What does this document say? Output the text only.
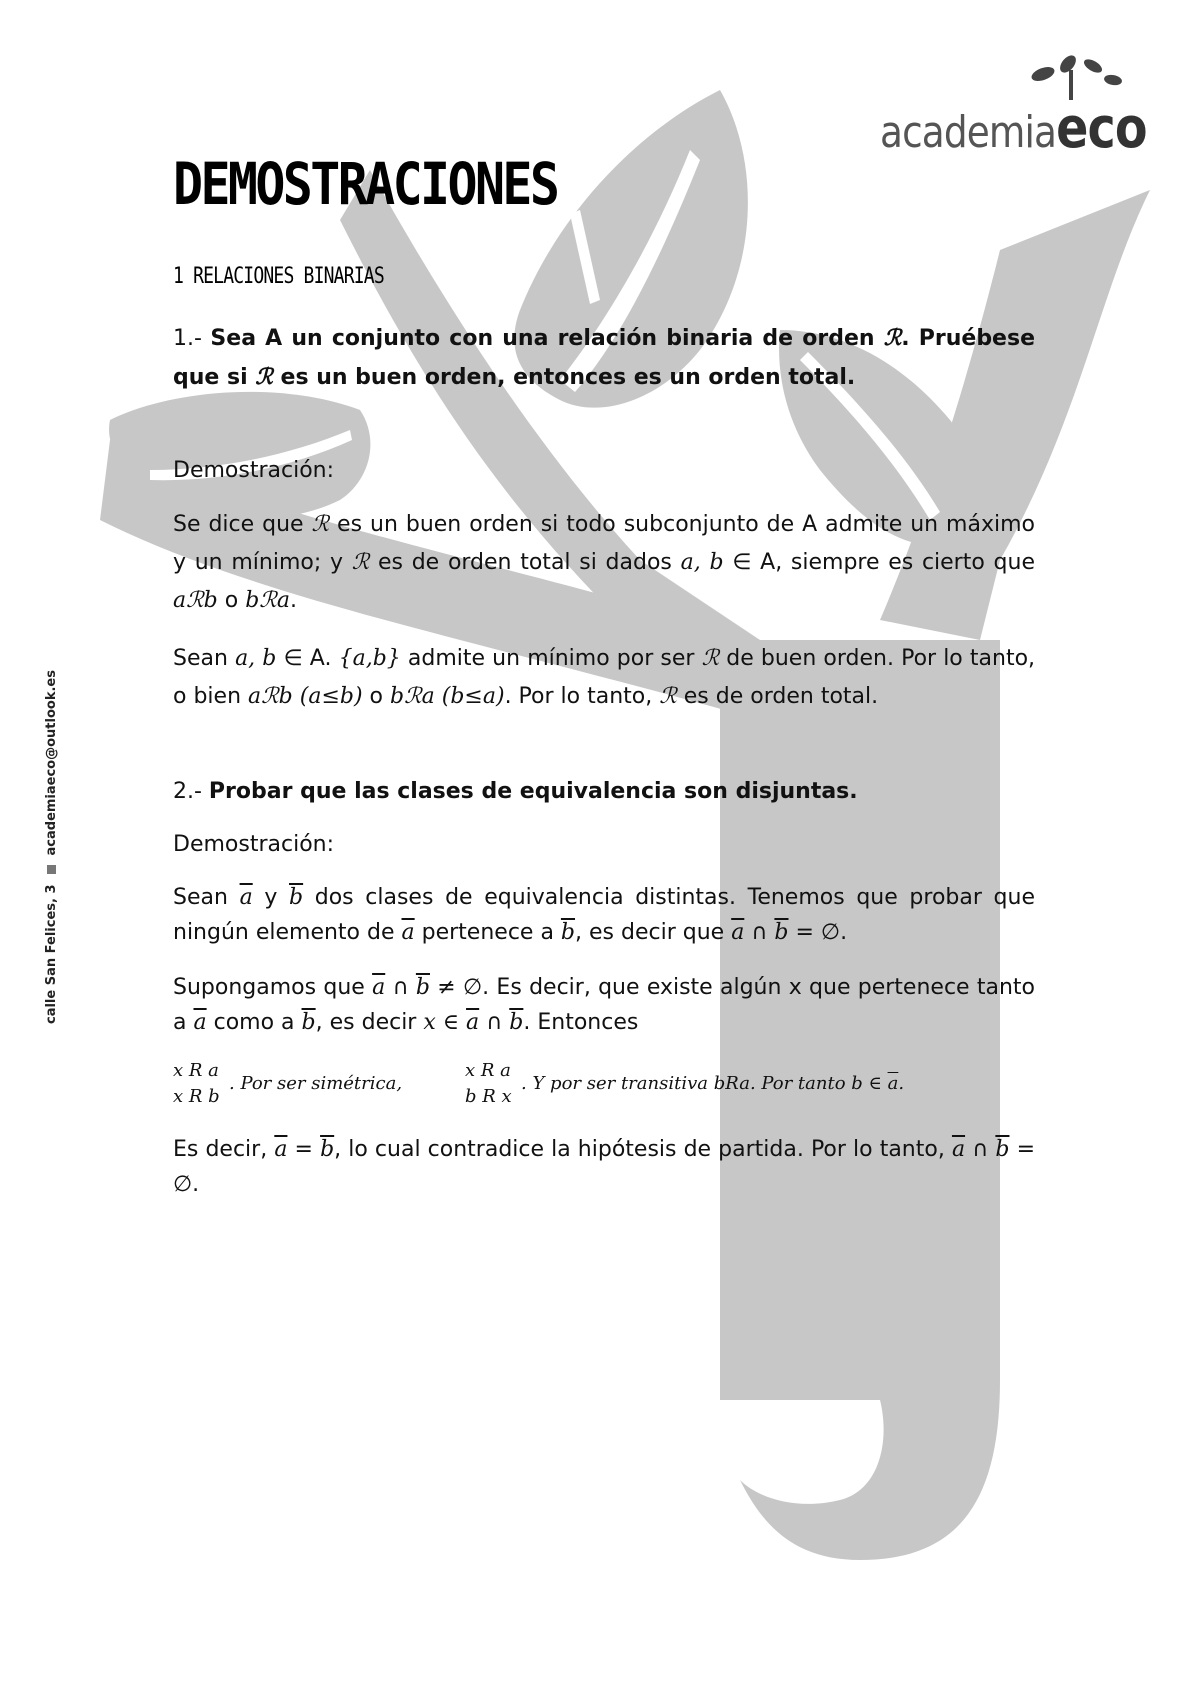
academiaeco
calle San Felices, 3academiaeco@outlook.es
DEMOSTRACIONES
1 RELACIONES BINARIAS
1.- Sea A un conjunto con una relación binaria de orden ℛ. Pruébese que si ℛ es un buen orden, entonces es un orden total.
Demostración:
Se dice que ℛ es un buen orden si todo subconjunto de A admite un máximo y un mínimo; y ℛ es de orden total si dados a, b ∈ A, siempre es cierto que aℛb o bℛa.
Sean a, b ∈ A. {a,b} admite un mínimo por ser ℛ de buen orden. Por lo tanto, o bien aℛb (a≤b) o bℛa (b≤a). Por lo tanto, ℛ es de orden total.
2.- Probar que las clases de equivalencia son disjuntas.
Demostración:
Sean $\overline{a}$ y $\overline{b}$ dos clases de equivalencia distintas. Tenemos que probar que ningún elemento de $\overline{a}$ pertenece a $\overline{b}$, es decir que $\overline{a}$ ∩ $\overline{b}$ = ∅.
Supongamos que $\overline{a}$ ∩ $\overline{b}$ ≠ ∅. Es decir, que existe algún x que pertenece tanto a $\overline{a}$ como a $\overline{b}$, es decir x ∈ $\overline{a}$ ∩ $\overline{b}$. Entonces
x R a
x R b
. Por ser simétrica,
x R a
b R x
. Y por ser transitiva bRa. Por tanto b ∈ $\overline{a}$.
Es decir, $\overline{a} = \overline{b}$, lo cual contradice la hipótesis de partida. Por lo tanto, $\overline{a}$ ∩ $\overline{b}$ = ∅.
